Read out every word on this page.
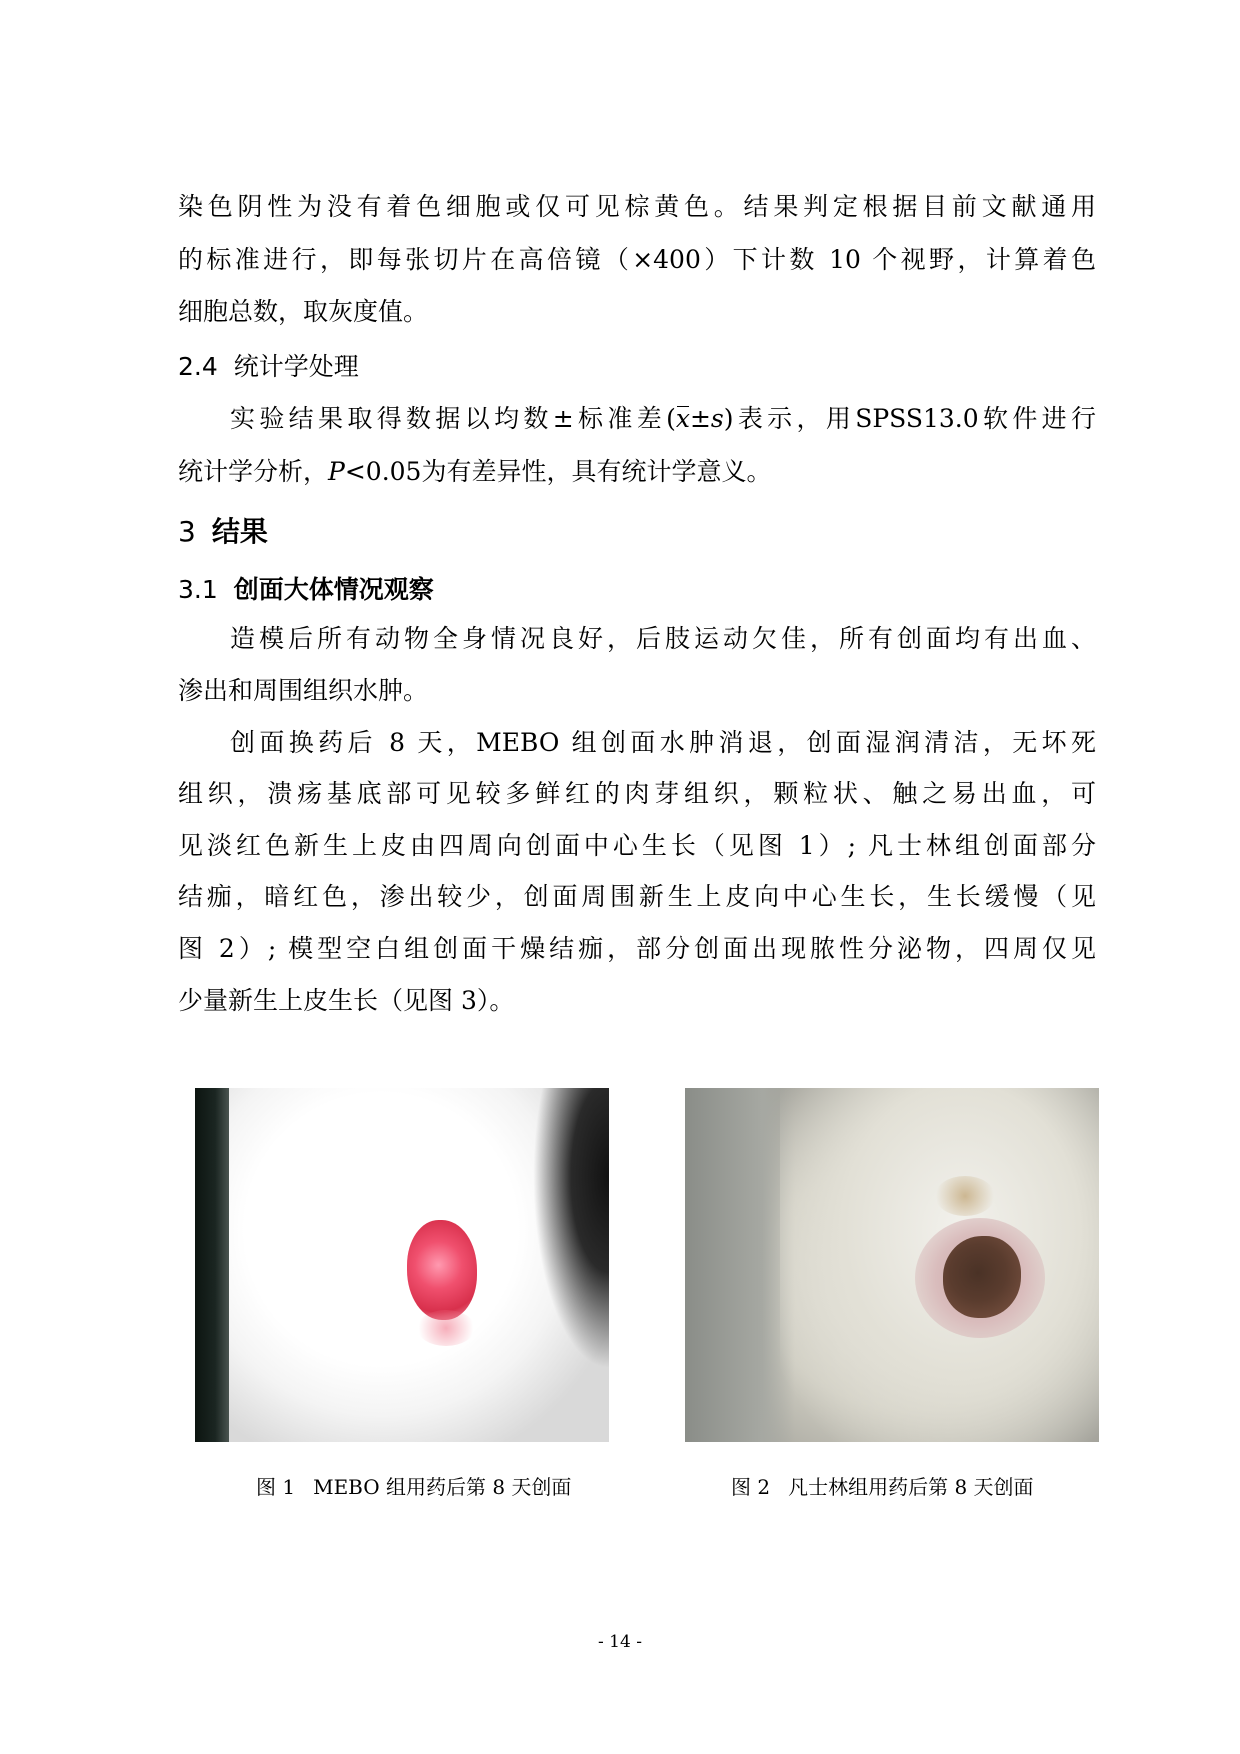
染色阴性为没有着色细胞或仅可见棕黄色。结果判定根据目前文献通用
的标准进行，即每张切片在高倍镜（×400）下计数 10 个视野，计算着色
细胞总数，取灰度值。
2.4 统计学处理
实验结果取得数据以均数±标准差(x±s)表示，用SPSS13.0软件进行
统计学分析，P<0.05为有差异性，具有统计学意义。
3 结果
3.1 创面大体情况观察
造模后所有动物全身情况良好，后肢运动欠佳，所有创面均有出血、
渗出和周围组织水肿。
创面换药后 8 天，MEBO 组创面水肿消退，创面湿润清洁，无坏死
组织，溃疡基底部可见较多鲜红的肉芽组织，颗粒状、触之易出血，可
见淡红色新生上皮由四周向创面中心生长（见图 1）; 凡士林组创面部分
结痂，暗红色，渗出较少，创面周围新生上皮向中心生长，生长缓慢（见
图 2）; 模型空白组创面干燥结痂，部分创面出现脓性分泌物，四周仅见
少量新生上皮生长（见图 3）。
图 1 MEBO 组用药后第 8 天创面	图 2 凡士林组用药后第 8 天创面
- 14 -
